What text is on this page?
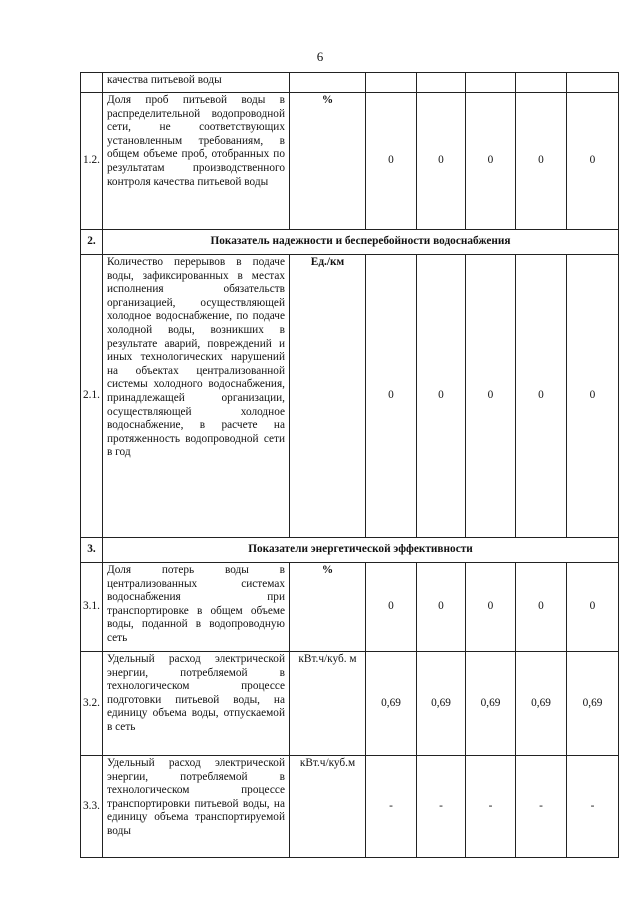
6
	качества питьевой воды						
1.2.	Доля проб питьевой воды в распределительной водопроводной сети, не соответствующих установленным требованиям, в общем объеме проб, отобранных по результатам производственного контроля качества питьевой воды	%	0	0	0	0	0
2.	Показатель надежности и бесперебойности водоснабжения						
2.1.	Количество перерывов в подаче воды, зафиксированных в местах исполнения обязательств организацией, осуществляющей холодное водоснабжение, по подаче холодной воды, возникших в результате аварий, повреждений и иных технологических нарушений на объектах централизованной системы холодного водоснабжения, принадлежащей организации, осуществляющей холодное водоснабжение, в расчете на протяженность водопроводной сети в год	Ед./км	0	0	0	0	0
3.	Показатели энергетической эффективности						
3.1.	Доля потерь воды в централизованных системах водоснабжения при транспортировке в общем объеме воды, поданной в водопроводную сеть	%	0	0	0	0	0
3.2.	Удельный расход электрической энергии, потребляемой в технологическом процессе подготовки питьевой воды, на единицу объема воды, отпускаемой в сеть	кВт.ч/куб. м	0,69	0,69	0,69	0,69	0,69
3.3.	Удельный расход электрической энергии, потребляемой в технологическом процессе транспортировки питьевой воды, на единицу объема транспортируемой воды	кВт.ч/куб.м	-	-	-	-	-
